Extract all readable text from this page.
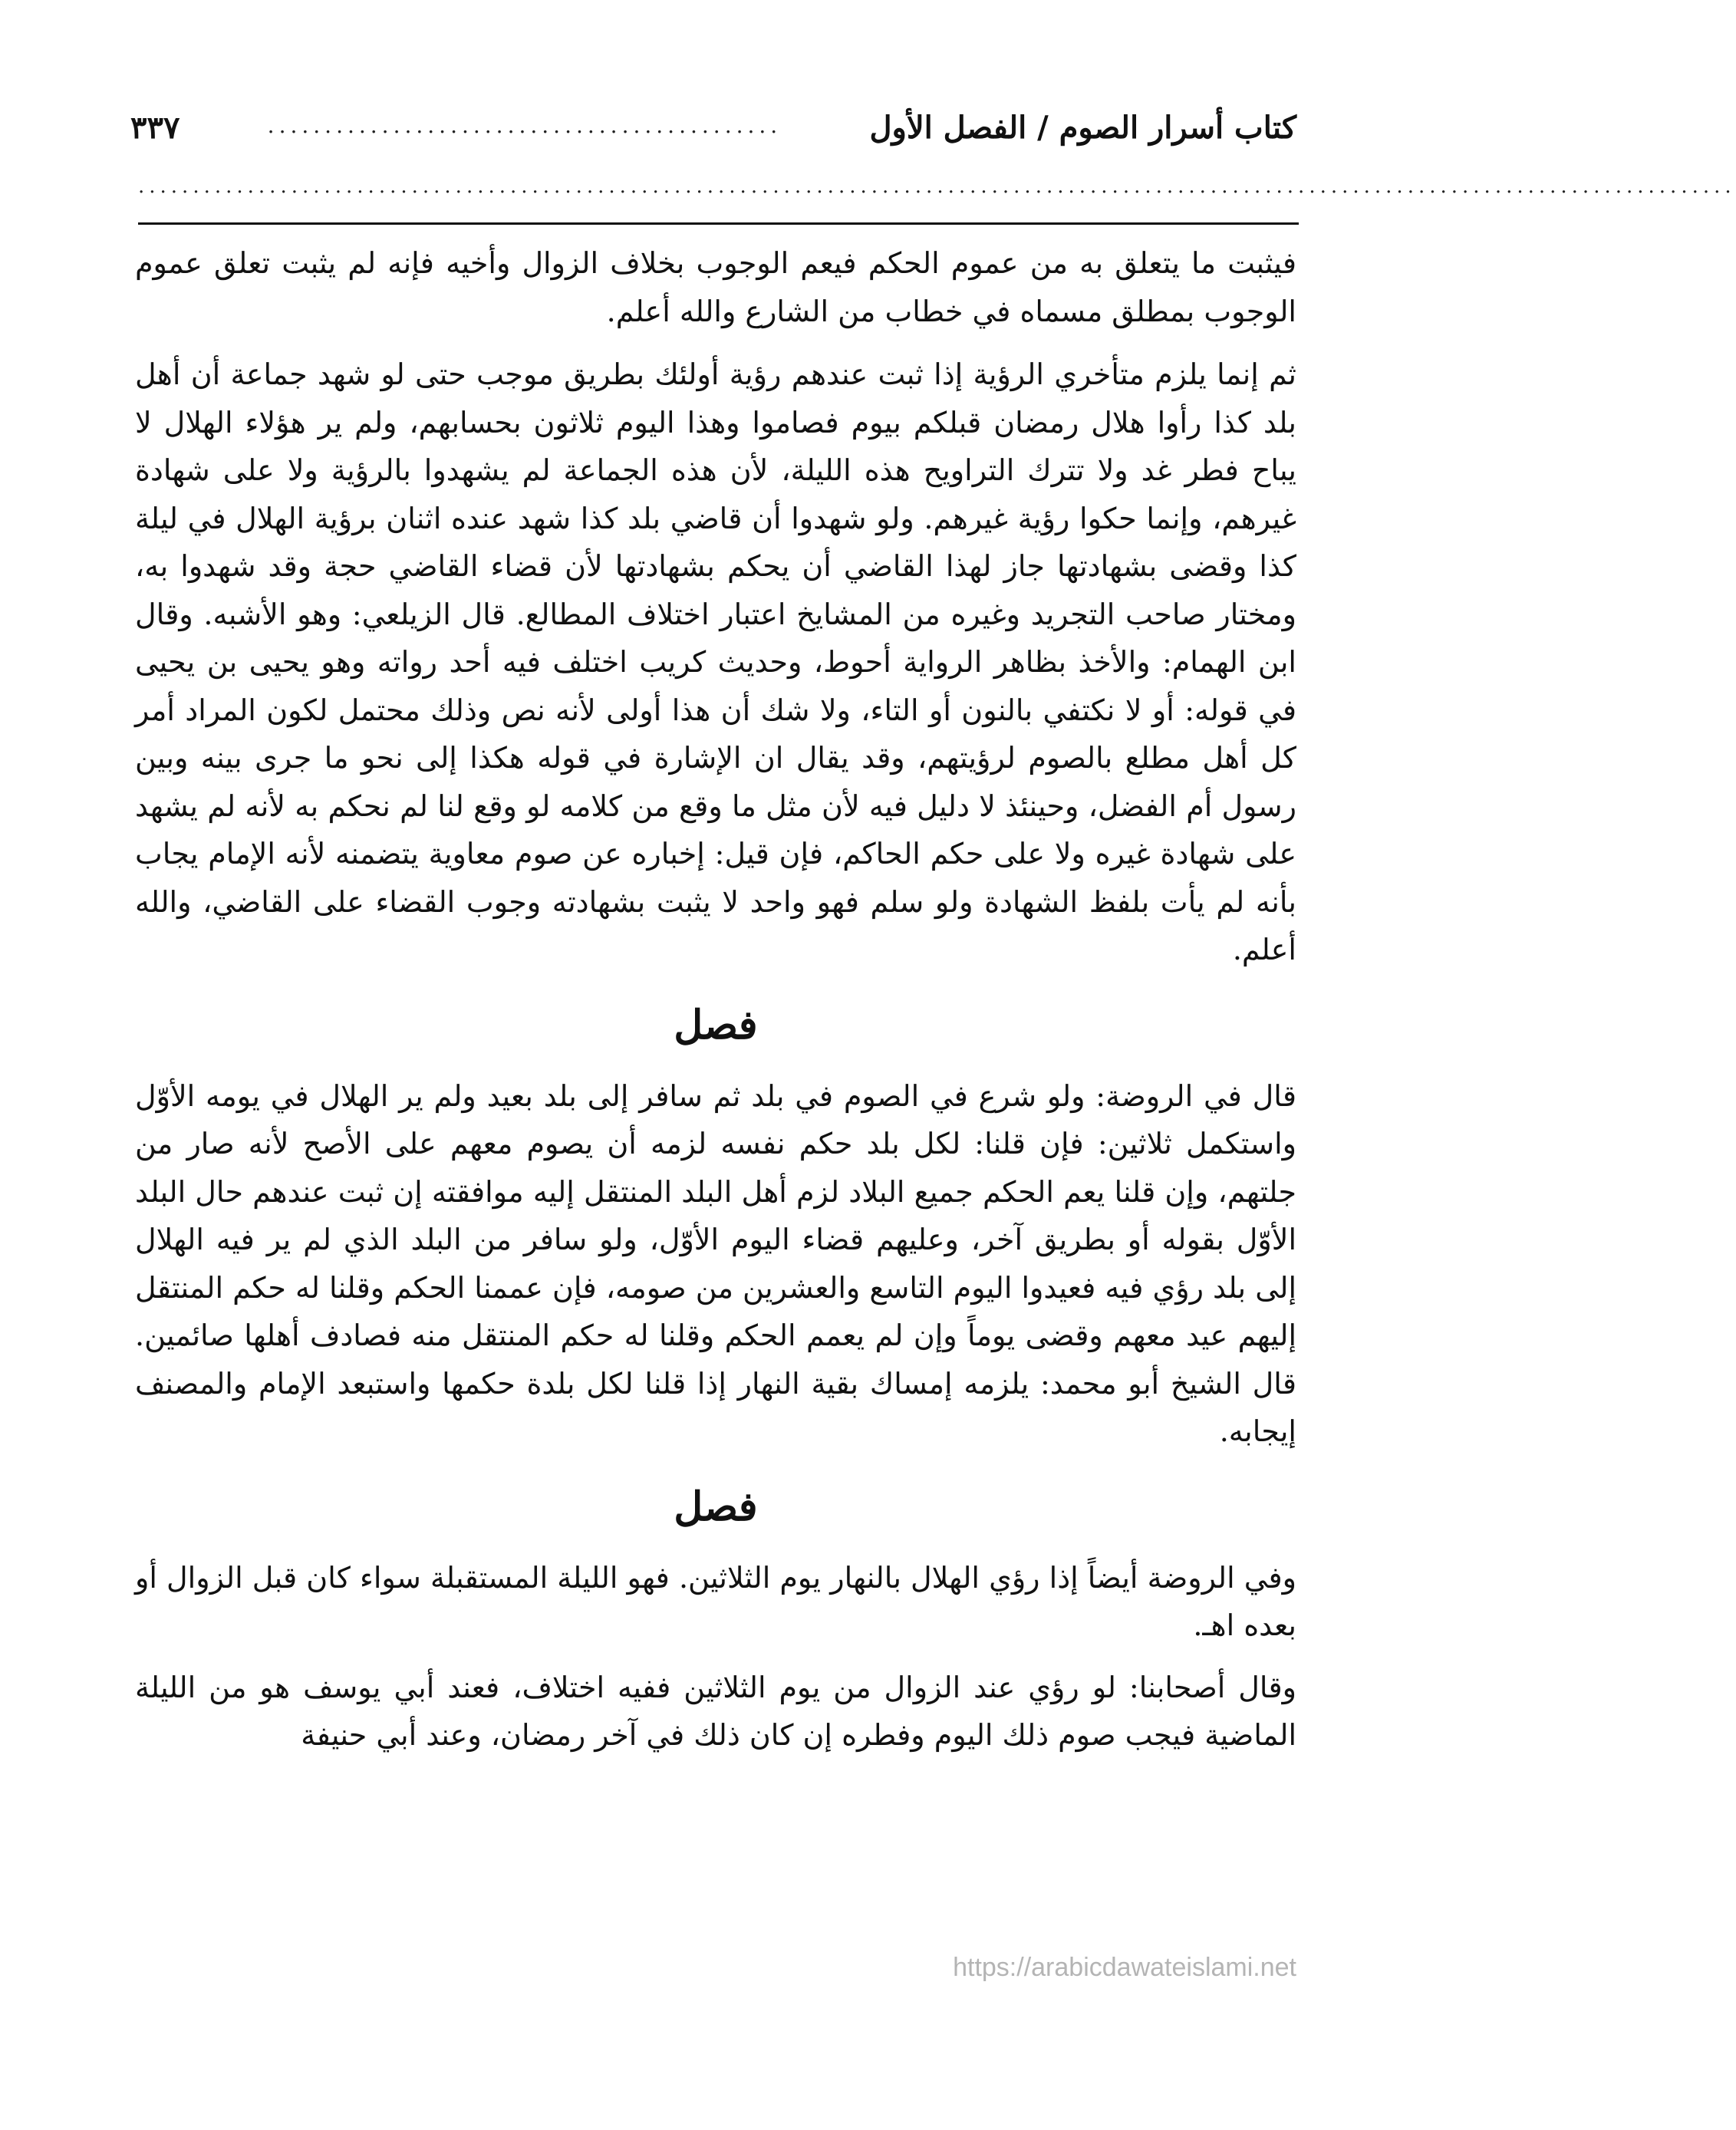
كتاب أسرار الصوم / الفصل الأول
.............................................
٣٣٧
..................................................................................................................................................

فيثبت ما يتعلق به من عموم الحكم فيعم الوجوب بخلاف الزوال وأخيه فإنه لم يثبت تعلق عموم الوجوب بمطلق مسماه في خطاب من الشارع والله أعلم.

ثم إنما يلزم متأخري الرؤية إذا ثبت عندهم رؤية أولئك بطريق موجب حتى لو شهد جماعة أن أهل بلد كذا رأوا هلال رمضان قبلكم بيوم فصاموا وهذا اليوم ثلاثون بحسابهم، ولم ير هؤلاء الهلال لا يباح فطر غد ولا تترك التراويح هذه الليلة، لأن هذه الجماعة لم يشهدوا بالرؤية ولا على شهادة غيرهم، وإنما حكوا رؤية غيرهم. ولو شهدوا أن قاضي بلد كذا شهد عنده اثنان برؤية الهلال في ليلة كذا وقضى بشهادتها جاز لهذا القاضي أن يحكم بشهادتها لأن قضاء القاضي حجة وقد شهدوا به، ومختار صاحب التجريد وغيره من المشايخ اعتبار اختلاف المطالع. قال الزيلعي: وهو الأشبه. وقال ابن الهمام: والأخذ بظاهر الرواية أحوط، وحديث كريب اختلف فيه أحد رواته وهو يحيى بن يحيى في قوله: أو لا نكتفي بالنون أو التاء، ولا شك أن هذا أولى لأنه نص وذلك محتمل لكون المراد أمر كل أهل مطلع بالصوم لرؤيتهم، وقد يقال ان الإشارة في قوله هكذا إلى نحو ما جرى بينه وبين رسول أم الفضل، وحينئذ لا دليل فيه لأن مثل ما وقع من كلامه لو وقع لنا لم نحكم به لأنه لم يشهد على شهادة غيره ولا على حكم الحاكم، فإن قيل: إخباره عن صوم معاوية يتضمنه لأنه الإمام يجاب بأنه لم يأت بلفظ الشهادة ولو سلم فهو واحد لا يثبت بشهادته وجوب القضاء على القاضي، والله أعلم.

فصل

قال في الروضة: ولو شرع في الصوم في بلد ثم سافر إلى بلد بعيد ولم ير الهلال في يومه الأوّل واستكمل ثلاثين: فإن قلنا: لكل بلد حكم نفسه لزمه أن يصوم معهم على الأصح لأنه صار من جلتهم، وإن قلنا يعم الحكم جميع البلاد لزم أهل البلد المنتقل إليه موافقته إن ثبت عندهم حال البلد الأوّل بقوله أو بطريق آخر، وعليهم قضاء اليوم الأوّل، ولو سافر من البلد الذي لم ير فيه الهلال إلى بلد رؤي فيه فعيدوا اليوم التاسع والعشرين من صومه، فإن عممنا الحكم وقلنا له حكم المنتقل إليهم عيد معهم وقضى يوماً وإن لم يعمم الحكم وقلنا له حكم المنتقل منه فصادف أهلها صائمين. قال الشيخ أبو محمد: يلزمه إمساك بقية النهار إذا قلنا لكل بلدة حكمها واستبعد الإمام والمصنف إيجابه.

فصل

وفي الروضة أيضاً إذا رؤي الهلال بالنهار يوم الثلاثين. فهو الليلة المستقبلة سواء كان قبل الزوال أو بعده اهـ.

وقال أصحابنا: لو رؤي عند الزوال من يوم الثلاثين ففيه اختلاف، فعند أبي يوسف هو من الليلة الماضية فيجب صوم ذلك اليوم وفطره إن كان ذلك في آخر رمضان، وعند أبي حنيفة

https://arabicdawateislami.net
